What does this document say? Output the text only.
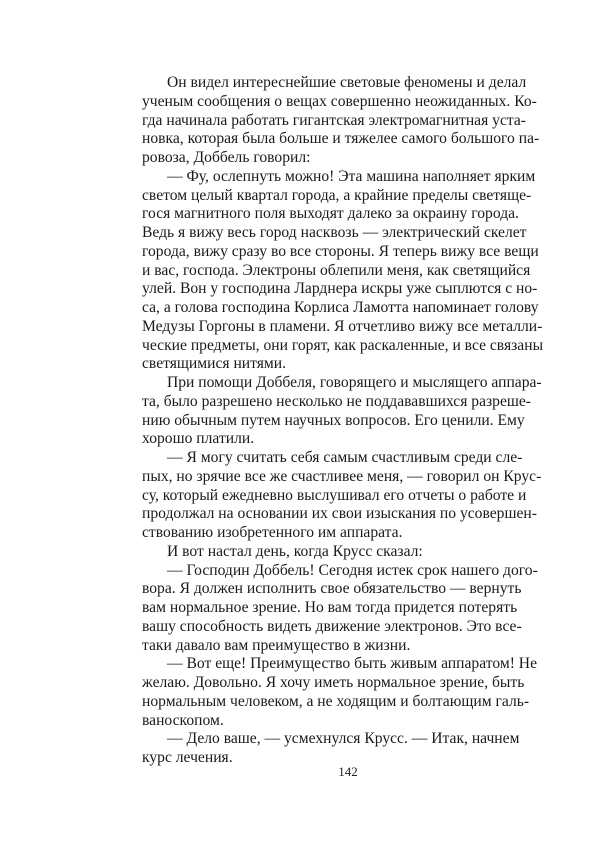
Он видел интереснейшие световые феномены и делал
ученым сообщения о вещах совершенно неожиданных. Ко-
гда начинала работать гигантская электромагнитная уста-
новка, которая была больше и тяжелее самого большого па-
ровоза, Доббель говорил:
— Фу, ослепнуть можно! Эта машина наполняет ярким
светом целый квартал города, а крайние пределы светяще-
гося магнитного поля выходят далеко за окраину города.
Ведь я вижу весь город насквозь — электрический скелет
города, вижу сразу во все стороны. Я теперь вижу все вещи
и вас, господа. Электроны облепили меня, как светящийся
улей. Вон у господина Ларднера искры уже сыплются с но-
са, а голова господина Корлиса Ламотта напоминает голову
Медузы Горгоны в пламени. Я отчетливо вижу все металли-
ческие предметы, они горят, как раскаленные, и все связаны
светящимися нитями.
При помощи Доббеля, говорящего и мыслящего аппара-
та, было разрешено несколько не поддававшихся разреше-
нию обычным путем научных вопросов. Его ценили. Ему
хорошо платили.
— Я могу считать себя самым счастливым среди сле-
пых, но зрячие все же счастливее меня, — говорил он Крус-
су, который ежедневно выслушивал его отчеты о работе и
продолжал на основании их свои изыскания по усовершен-
ствованию изобретенного им аппарата.
И вот настал день, когда Крусс сказал:
— Господин Доббель! Сегодня истек срок нашего дого-
вора. Я должен исполнить свое обязательство — вернуть
вам нормальное зрение. Но вам тогда придется потерять
вашу способность видеть движение электронов. Это все-
таки давало вам преимущество в жизни.
— Вот еще! Преимущество быть живым аппаратом! Не
желаю. Довольно. Я хочу иметь нормальное зрение, быть
нормальным человеком, а не ходящим и болтающим галь-
ваноскопом.
— Дело ваше, — усмехнулся Крусс. — Итак, начнем
курс лечения.
142
